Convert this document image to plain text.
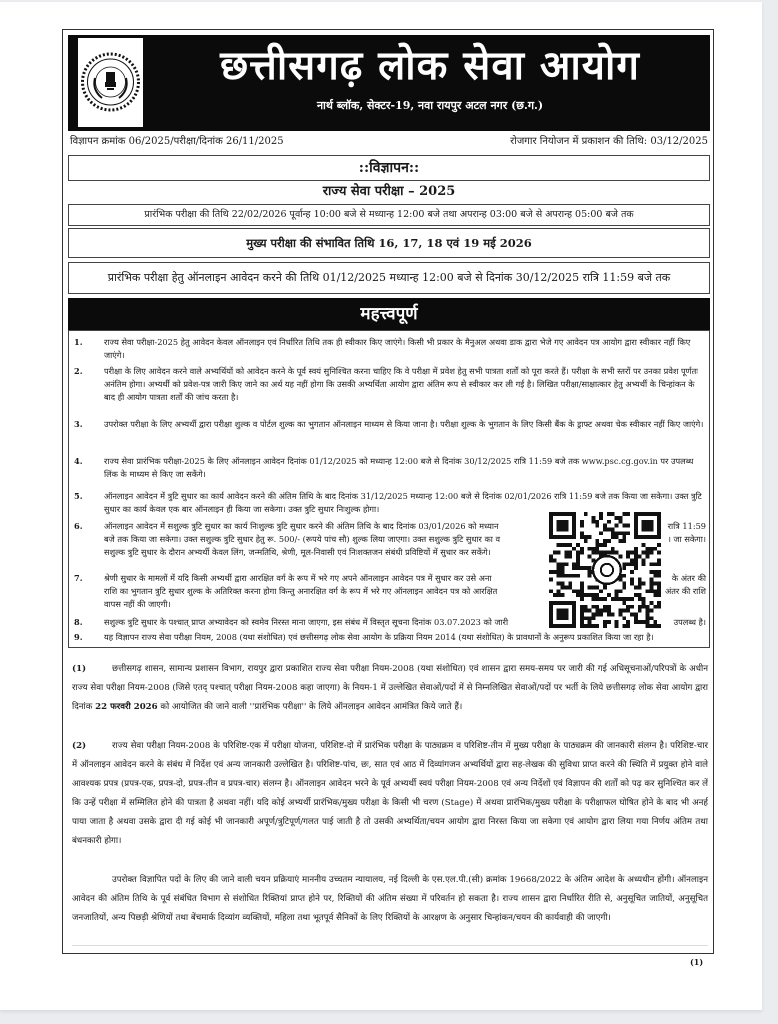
छत्तीसगढ़ लोक सेवा आयोग
नार्थ ब्लॉक, सेक्टर-19, नवा रायपुर अटल नगर (छ.ग.)
विज्ञापन क्रमांक 06/2025/परीक्षा/दिनांक 26/11/2025	रोजगार नियोजन में प्रकाशन की तिथि: 03/12/2025
::विज्ञापन::
राज्य सेवा परीक्षा – 2025
प्रारंभिक परीक्षा की तिथि 22/02/2026 पूर्वान्ह 10:00 बजे से मध्यान्ह 12:00 बजे तथा अपरान्ह 03:00 बजे से अपरान्ह 05:00 बजे तक
मुख्य परीक्षा की संभावित तिथि 16, 17, 18 एवं 19 मई 2026
प्रारंभिक परीक्षा हेतु ऑनलाइन आवेदन करने की तिथि 01/12/2025 मध्यान्ह 12:00 बजे से दिनांक 30/12/2025 रात्रि 11:59 बजे तक
महत्त्वपूर्ण
1.	राज्य सेवा परीक्षा-2025 हेतु आवेदन केवल ऑनलाइन एवं निर्धारित तिथि तक ही स्वीकार किए जाएंगे। किसी भी प्रकार के मैनुअल अथवा डाक द्वारा भेजे गए आवेदन पत्र आयोग द्वारा स्वीकार नहीं किए जाएंगे।
2.	परीक्षा के लिए आवेदन करने वाले अभ्यर्थियों को आवेदन करने के पूर्व स्वयं सुनिश्चित करना चाहिए कि वे परीक्षा में प्रवेश हेतु सभी पात्रता शर्तों को पूरा करते हैं। परीक्षा के सभी स्तरों पर उनका प्रवेश पूर्णतः अनंतिम होगा। अभ्यर्थी को प्रवेश-पत्र जारी किए जाने का अर्थ यह नहीं होगा कि उसकी अभ्यर्थिता आयोग द्वारा अंतिम रूप से स्वीकार कर ली गई है। लिखित परीक्षा/साक्षात्कार हेतु अभ्यर्थी के चिन्हांकन के बाद ही आयोग पात्रता शर्तों की जांच करता है।
3.	उपरोक्त परीक्षा के लिए अभ्यर्थी द्वारा परीक्षा शुल्क व पोर्टल शुल्क का भुगतान ऑनलाइन माध्यम से किया जाना है। परीक्षा शुल्क के भुगतान के लिए किसी बैंक के ड्राफ्ट अथवा चेक स्वीकार नहीं किए जाएंगे।
4.	राज्य सेवा प्रारंभिक परीक्षा-2025 के लिए ऑनलाइन आवेदन दिनांक 01/12/2025 को मध्यान्ह 12:00 बजे से दिनांक 30/12/2025 रात्रि 11:59 बजे तक www.psc.cg.gov.in पर उपलब्ध लिंक के माध्यम से किए जा सकेंगे।
5.	ऑनलाइन आवेदन में त्रुटि सुधार का कार्य आवेदन करने की अंतिम तिथि के बाद दिनांक 31/12/2025 मध्यान्ह 12:00 बजे से दिनांक 02/01/2026 रात्रि 11:59 बजे तक किया जा सकेगा। उक्त त्रुटि सुधार का कार्य केवल एक बार ऑनलाइन ही किया जा सकेगा। उक्त त्रुटि सुधार निःशुल्क होगा।
6.	ऑनलाइन आवेदन में सशुल्क त्रुटि सुधार का कार्य निःशुल्क त्रुटि सुधार करने की अंतिम तिथि के बाद दिनांक 03/01/2026 को मध्यान
बजे तक किया जा सकेगा। उक्त सशुल्क त्रुटि सुधार हेतु रू. 500/- (रूपये पांच सौ) शुल्क लिया जाएगा। उक्त सशुल्क त्रुटि सुधार का व
सशुल्क त्रुटि सुधार के दौरान अभ्यर्थी केवल लिंग, जन्मतिथि, श्रेणी, मूल-निवासी एवं निःशक्तजन संबंधी प्रविष्टियों में सुधार कर सकेंगे।
रात्रि 11:59
। जा सकेगा।
7.	श्रेणी सुधार के मामलों में यदि किसी अभ्यर्थी द्वारा आरक्षित वर्ग के रूप में भरे गए अपने ऑनलाइन आवेदन पत्र में सुधार कर उसे अना
राशि का भुगतान त्रुटि सुधार शुल्क के अतिरिक्त करना होगा किन्तु अनारक्षित वर्ग के रूप में भरे गए ऑनलाइन आवेदन पत्र को आरक्षित
वापस नहीं की जाएगी।
के अंतर की
अंतर की राशि
8.	सशुल्क त्रुटि सुधार के पश्चात् प्राप्त अभ्यावेदन को स्वमेव निरस्त माना जाएगा, इस संबंध में विस्तृत सूचना दिनांक 03.07.2023 को जारी	उपलब्ध है।
9.	यह विज्ञापन राज्य सेवा परीक्षा नियम, 2008 (यथा संशोधित) एवं छत्तीसगढ़ लोक सेवा आयोग के प्रक्रिया नियम 2014 (यथा संशोधित) के प्रावधानों के अनुरूप प्रकाशित किया जा रहा है।
(1)	छत्तीसगढ़ शासन, सामान्य प्रशासन विभाग, रायपुर द्वारा प्रकाशित राज्य सेवा परीक्षा नियम-2008 (यथा संशोधित) एवं शासन द्वारा समय-समय पर जारी की गई अधिसूचनाओं/परिपत्रों के अधीन राज्य सेवा परीक्षा नियम-2008 (जिसे एतद् पश्चात् परीक्षा नियम-2008 कहा जाएगा) के नियम-1 में उल्लेखित सेवाओं/पदों में से निम्नलिखित सेवाओं/पदों पर भर्ती के लिये छत्तीसगढ़ लोक सेवा आयोग द्वारा दिनांक 22 फरवरी 2026 को आयोजित की जाने वाली ''प्रारंभिक परीक्षा'' के लिये ऑनलाइन आवेदन आमंत्रित किये जाते हैं।
(2)	राज्य सेवा परीक्षा नियम-2008 के परिशिष्ट-एक में परीक्षा योजना, परिशिष्ट-दो में प्रारंभिक परीक्षा के पाठ्यक्रम व परिशिष्ट-तीन में मुख्य परीक्षा के पाठ्यक्रम की जानकारी संलग्न है। परिशिष्ट-चार में ऑनलाइन आवेदन करने के संबंध में निर्देश एवं अन्य जानकारी उल्लेखित है। परिशिष्ट-पांच, छः, सात एवं आठ में दिव्यांगजन अभ्यर्थियों द्वारा सह-लेखक की सुविधा प्राप्त करने की स्थिति में प्रयुक्त होने वाले आवश्यक प्रपत्र (प्रपत्र-एक, प्रपत्र-दो, प्रपत्र-तीन व प्रपत्र-चार) संलग्न है। ऑनलाइन आवेदन भरने के पूर्व अभ्यर्थी स्वयं परीक्षा नियम-2008 एवं अन्य निर्देशों एवं विज्ञापन की शर्तों को पढ़ कर सुनिश्चित कर लें कि उन्हें परीक्षा में सम्मिलित होने की पात्रता है अथवा नहीं। यदि कोई अभ्यर्थी प्रारंभिक/मुख्य परीक्षा के किसी भी चरण (Stage) में अथवा प्रारंभिक/मुख्य परीक्षा के परीक्षाफल घोषित होने के बाद भी अनर्ह पाया जाता है अथवा उसके द्वारा दी गई कोई भी जानकारी अपूर्ण/त्रुटिपूर्ण/गलत पाई जाती है तो उसकी अभ्यर्थिता/चयन आयोग द्वारा निरस्त किया जा सकेगा एवं आयोग द्वारा लिया गया निर्णय अंतिम तथा बंधनकारी होगा।
उपरोक्त विज्ञापित पदों के लिए की जाने वाली चयन प्रक्रियाएं माननीय उच्चतम न्यायालय, नई दिल्ली के एस.एल.पी.(सी) क्रमांक 19668/2022 के अंतिम आदेश के अध्यधीन होंगी। ऑनलाइन आवेदन की अंतिम तिथि के पूर्व संबंधित विभाग से संशोधित रिक्तियां प्राप्त होने पर, रिक्तियों की अंतिम संख्या में परिवर्तन हो सकता है। राज्य शासन द्वारा निर्धारित रीति से, अनुसूचित जातियों, अनुसूचित जनजातियों, अन्य पिछड़ी श्रेणियों तथा बेंचमार्क दिव्यांग व्यक्तियों, महिला तथा भूतपूर्व सैनिकों के लिए रिक्तियों के आरक्षण के अनुसार चिन्हांकन/चयन की कार्यवाही की जाएगी।
(1)
